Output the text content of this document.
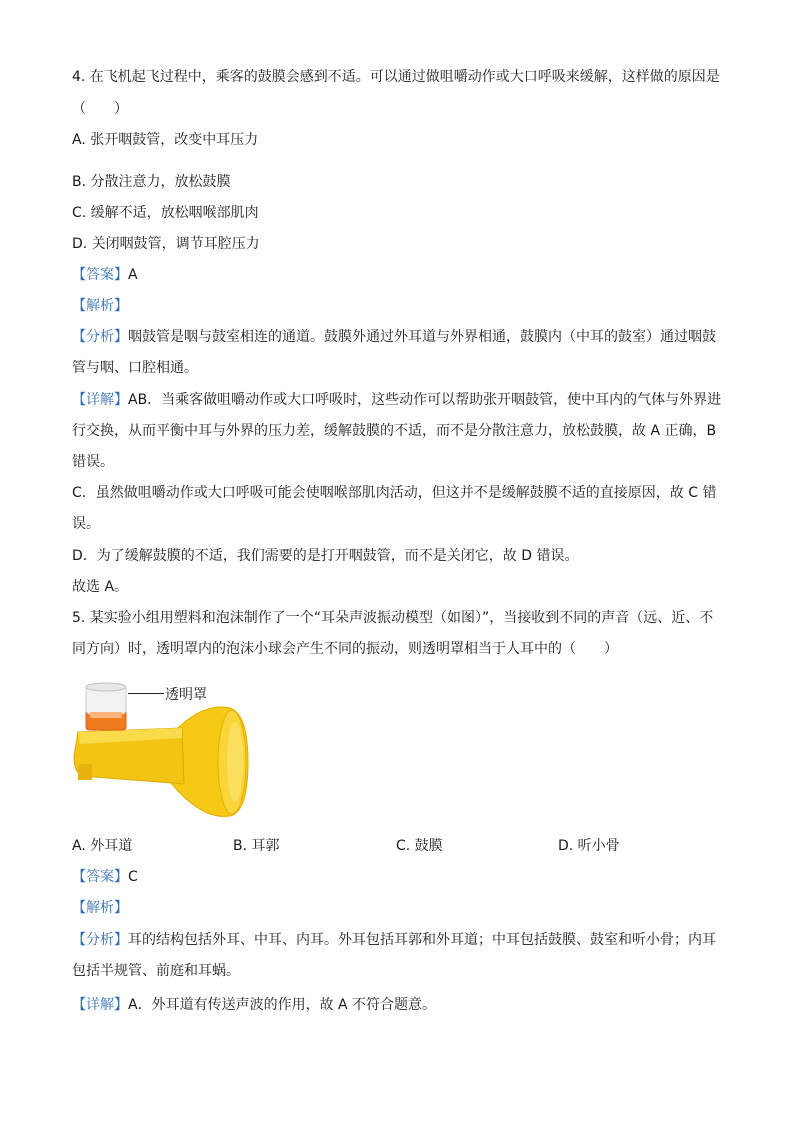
4. 在飞机起飞过程中，乘客的鼓膜会感到不适。可以通过做咀嚼动作或大口呼吸来缓解，这样做的原因是
（　　）
A. 张开咽鼓管，改变中耳压力
B. 分散注意力，放松鼓膜
C. 缓解不适，放松咽喉部肌肉
D. 关闭咽鼓管，调节耳腔压力
【答案】A
【解析】
【分析】咽鼓管是咽与鼓室相连的通道。鼓膜外通过外耳道与外界相通，鼓膜内（中耳的鼓室）通过咽鼓
管与咽、口腔相通。
【详解】AB．当乘客做咀嚼动作或大口呼吸时，这些动作可以帮助张开咽鼓管，使中耳内的气体与外界进
行交换，从而平衡中耳与外界的压力差，缓解鼓膜的不适，而不是分散注意力，放松鼓膜，故 A 正确，B
错误。
C．虽然做咀嚼动作或大口呼吸可能会使咽喉部肌肉活动，但这并不是缓解鼓膜不适的直接原因，故 C 错
误。
D．为了缓解鼓膜的不适，我们需要的是打开咽鼓管，而不是关闭它，故 D 错误。
故选 A。
5. 某实验小组用塑料和泡沫制作了一个“耳朵声波振动模型（如图）”，当接收到不同的声音（远、近、不
同方向）时，透明罩内的泡沫小球会产生不同的振动，则透明罩相当于人耳中的（　　）
透明罩
A. 外耳道	B. 耳郭	C. 鼓膜	D. 听小骨
【答案】C
【解析】
【分析】耳的结构包括外耳、中耳、内耳。外耳包括耳郭和外耳道；中耳包括鼓膜、鼓室和听小骨；内耳
包括半规管、前庭和耳蜗。
【详解】A．外耳道有传送声波的作用，故 A 不符合题意。
